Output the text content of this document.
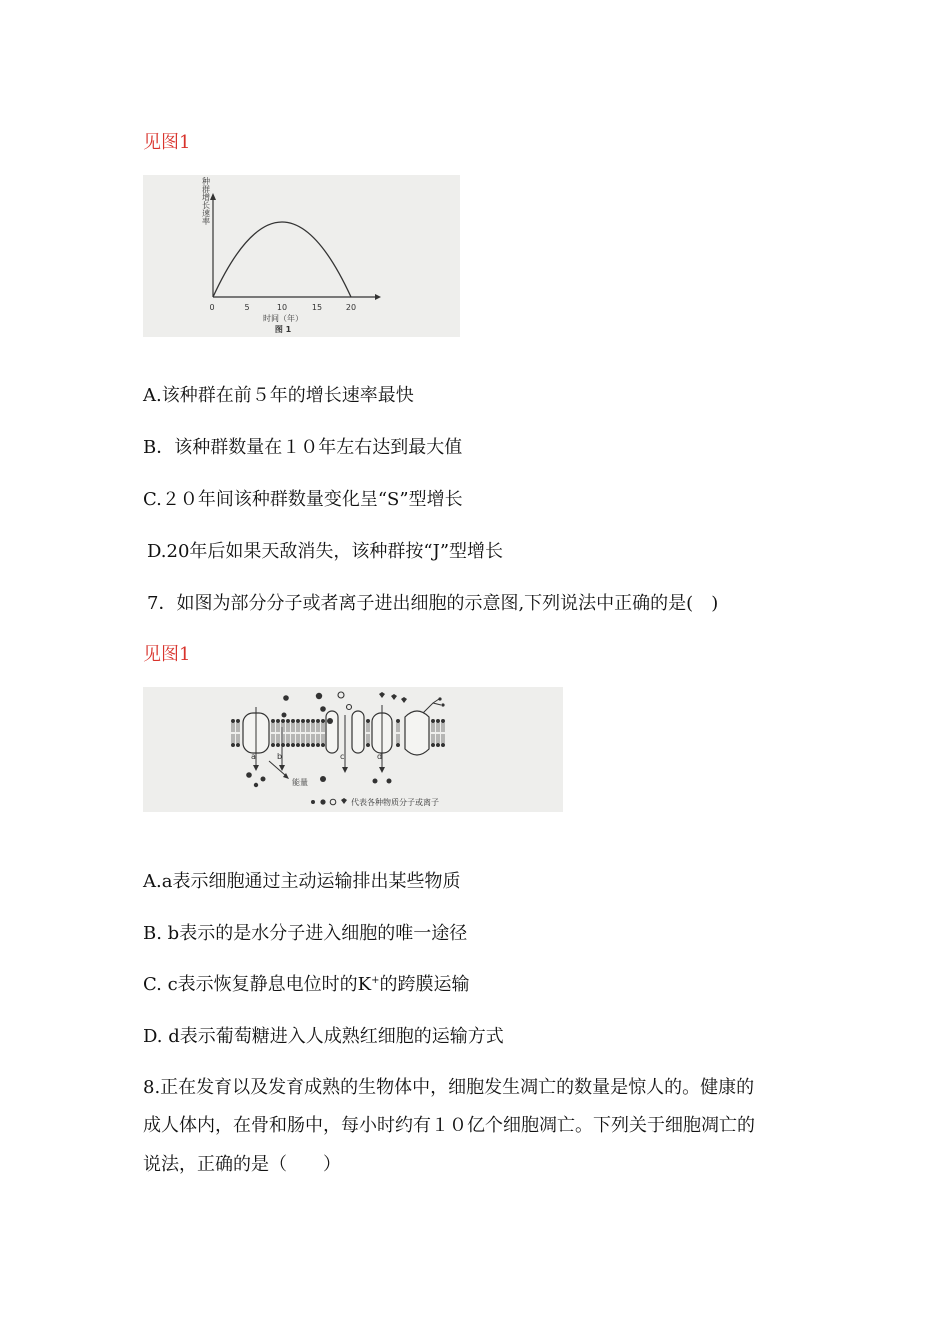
见图1
0	5	10	15	20
时间（年）
图 1
种群增长速率
A.该种群在前５年的增长速率最快
B．该种群数量在１０年左右达到最大值
C.２０年间该种群数量变化呈“S”型增长
D.20年后如果天敌消失，该种群按“J”型增长
7．如图为部分分子或者离子进出细胞的示意图,下列说法中正确的是(　)
见图1
a	b	c	d
能量
代表各种物质分子或离子
A.a表示细胞通过主动运输排出某些物质
B. b表示的是水分子进入细胞的唯一途径
C. c表示恢复静息电位时的K+的跨膜运输
D. d表示葡萄糖进入人成熟红细胞的运输方式
8.正在发育以及发育成熟的生物体中，细胞发生凋亡的数量是惊人的。健康的
成人体内，在骨和肠中，每小时约有１０亿个细胞凋亡。下列关于细胞凋亡的
说法，正确的是（　　）
